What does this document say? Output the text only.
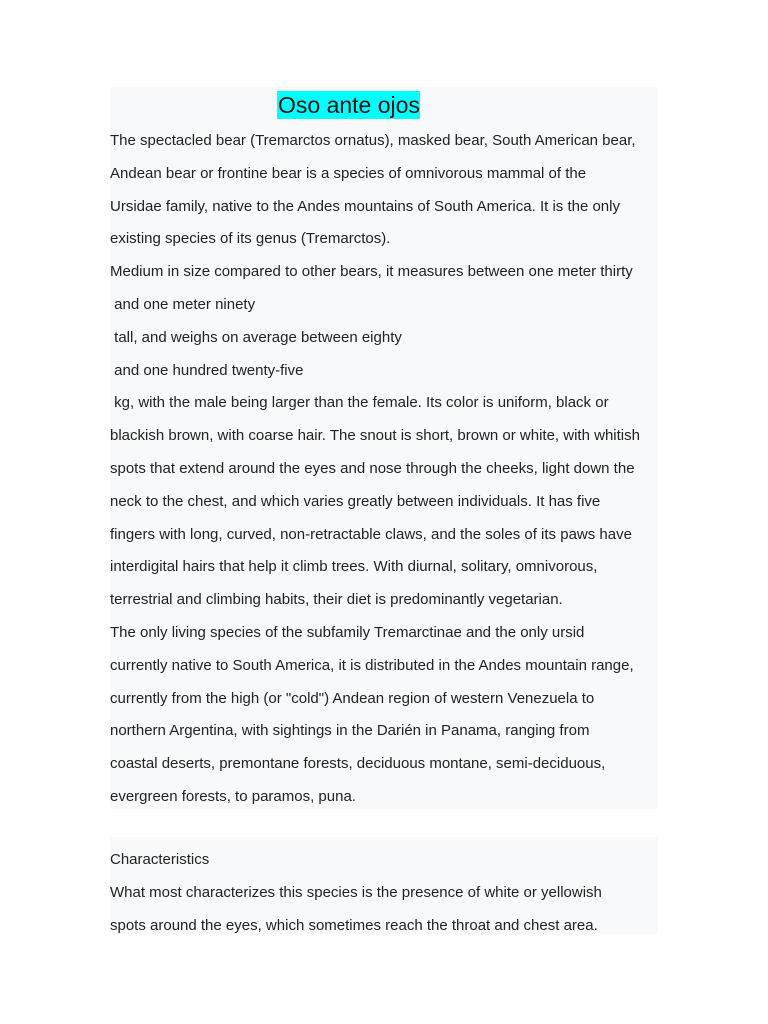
Oso ante ojos
The spectacled bear (Tremarctos ornatus), masked bear, South American bear,
Andean bear or frontine bear is a species of omnivorous mammal of the
Ursidae family, native to the Andes mountains of South America. It is the only
existing species of its genus (Tremarctos).
Medium in size compared to other bears, it measures between one meter thirty
and one meter ninety
tall, and weighs on average between eighty
and one hundred twenty-five
kg, with the male being larger than the female. Its color is uniform, black or
blackish brown, with coarse hair. The snout is short, brown or white, with whitish
spots that extend around the eyes and nose through the cheeks, light down the
neck to the chest, and which varies greatly between individuals. It has five
fingers with long, curved, non-retractable claws, and the soles of its paws have
interdigital hairs that help it climb trees. With diurnal, solitary, omnivorous,
terrestrial and climbing habits, their diet is predominantly vegetarian.
The only living species of the subfamily Tremarctinae and the only ursid
currently native to South America, it is distributed in the Andes mountain range,
currently from the high (or "cold") Andean region of western Venezuela to
northern Argentina, with sightings in the Darién in Panama, ranging from
coastal deserts, premontane forests, deciduous montane, semi-deciduous,
evergreen forests, to paramos, puna.
Characteristics
What most characterizes this species is the presence of white or yellowish
spots around the eyes, which sometimes reach the throat and chest area.
